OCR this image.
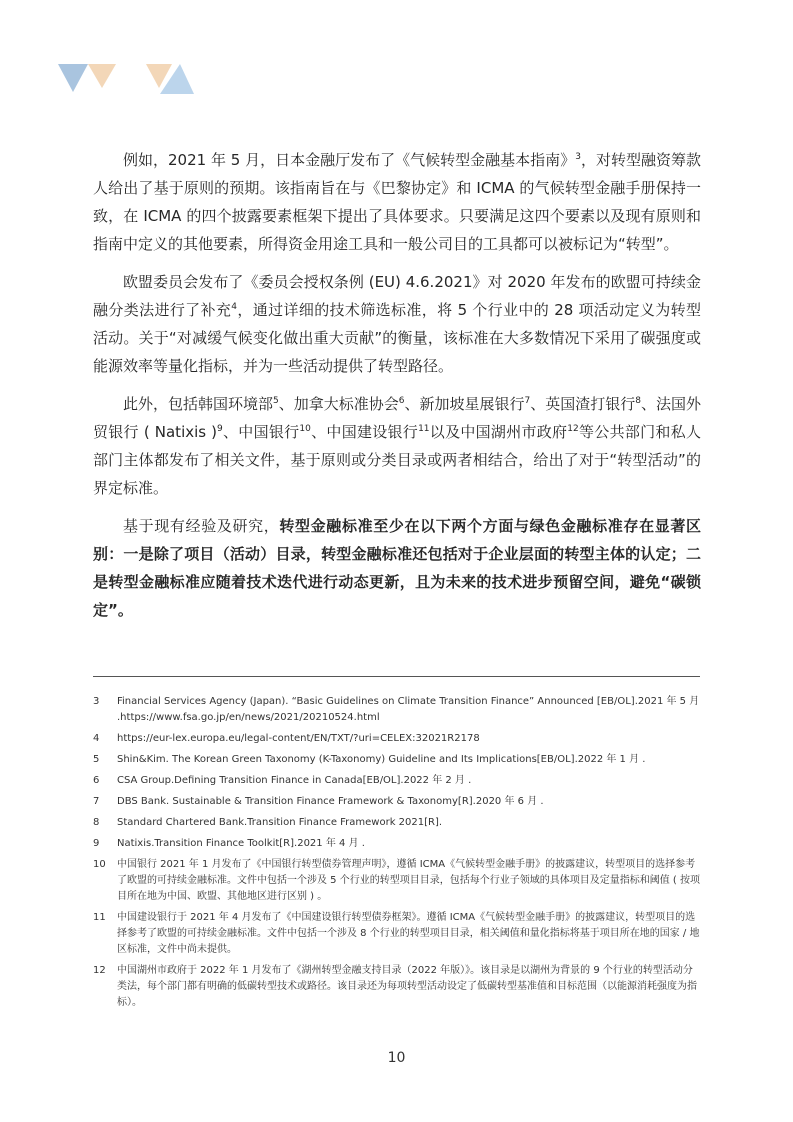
例如，2021 年 5 月，日本金融厅发布了《气候转型金融基本指南》$^3$，对转型融资筹款人给出了基于原则的预期。该指南旨在与《巴黎协定》和 ICMA 的气候转型金融手册保持一致，在 ICMA 的四个披露要素框架下提出了具体要求。只要满足这四个要素以及现有原则和指南中定义的其他要素，所得资金用途工具和一般公司目的工具都可以被标记为“转型”。

欧盟委员会发布了《委员会授权条例 (EU) 4.6.2021》对 2020 年发布的欧盟可持续金融分类法进行了补充$^4$，通过详细的技术筛选标准，将 5 个行业中的 28 项活动定义为转型活动。关于“对减缓气候变化做出重大贡献”的衡量，该标准在大多数情况下采用了碳强度或能源效率等量化指标，并为一些活动提供了转型路径。

此外，包括韩国环境部$^5$、加拿大标准协会$^6$、新加坡星展银行$^7$、英国渣打银行$^8$、法国外贸银行 ( Natixis )$^9$、中国银行$^{10}$、中国建设银行$^{11}$以及中国湖州市政府$^{12}$等公共部门和私人部门主体都发布了相关文件，基于原则或分类目录或两者相结合，给出了对于“转型活动”的界定标准。

基于现有经验及研究，转型金融标准至少在以下两个方面与绿色金融标准存在显著区别：一是除了项目（活动）目录，转型金融标准还包括对于企业层面的转型主体的认定；二是转型金融标准应随着技术迭代进行动态更新，且为未来的技术进步预留空间，避免“碳锁定”。

3	Financial Services Agency (Japan). “Basic Guidelines on Climate Transition Finance” Announced [EB/OL].2021 年 5 月 .https://www.fsa.go.jp/en/news/2021/20210524.html
4	https://eur-lex.europa.eu/legal-content/EN/TXT/?uri=CELEX:32021R2178
5	Shin&Kim. The Korean Green Taxonomy (K-Taxonomy) Guideline and Its Implications[EB/OL].2022 年 1 月 .
6	CSA Group.Defining Transition Finance in Canada[EB/OL].2022 年 2 月 .
7	DBS Bank. Sustainable & Transition Finance Framework & Taxonomy[R].2020 年 6 月 .
8	Standard Chartered Bank.Transition Finance Framework 2021[R].
9	Natixis.Transition Finance Toolkit[R].2021 年 4 月 .
10	中国银行 2021 年 1 月发布了《中国银行转型债券管理声明》，遵循 ICMA《气候转型金融手册》的披露建议，转型项目的选择参考了欧盟的可持续金融标准。文件中包括一个涉及 5 个行业的转型项目目录，包括每个行业子领域的具体项目及定量指标和阈值 ( 按项目所在地为中国、欧盟、其他地区进行区别 ) 。
11	中国建设银行于 2021 年 4 月发布了《中国建设银行转型债券框架》。遵循 ICMA《气候转型金融手册》的披露建议，转型项目的选择参考了欧盟的可持续金融标准。文件中包括一个涉及 8 个行业的转型项目目录，相关阈值和量化指标将基于项目所在地的国家 / 地区标准，文件中尚未提供。
12	中国湖州市政府于 2022 年 1 月发布了《湖州转型金融支持目录（2022 年版）》。该目录是以湖州为背景的 9 个行业的转型活动分类法，每个部门都有明确的低碳转型技术或路径。该目录还为每项转型活动设定了低碳转型基准值和目标范围（以能源消耗强度为指标）。
10
